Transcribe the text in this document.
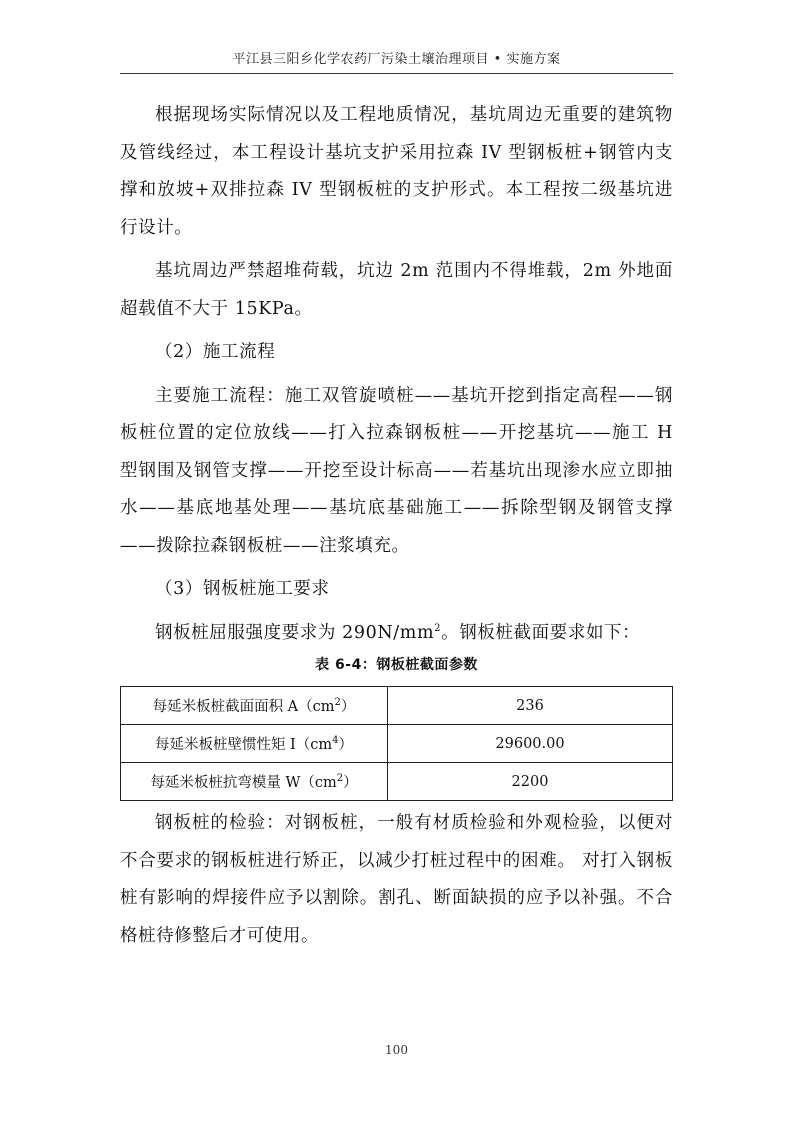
平江县三阳乡化学农药厂污染土壤治理项目 • 实施方案

根据现场实际情况以及工程地质情况，基坑周边无重要的建筑物及管线经过，本工程设计基坑支护采用拉森 IV 型钢板桩+钢管内支撑和放坡+双排拉森 IV 型钢板桩的支护形式。本工程按二级基坑进行设计。

基坑周边严禁超堆荷载，坑边 2m 范围内不得堆载，2m 外地面超载值不大于 15KPa。

（2）施工流程

主要施工流程：施工双管旋喷桩——基坑开挖到指定高程——钢板桩位置的定位放线——打入拉森钢板桩——开挖基坑——施工 H 型钢围及钢管支撑——开挖至设计标高——若基坑出现渗水应立即抽水——基底地基处理——基坑底基础施工——拆除型钢及钢管支撑——拨除拉森钢板桩——注浆填充。

（3）钢板桩施工要求

钢板桩屈服强度要求为 $290N/mm^2$。钢板桩截面要求如下：

表 6-4：钢板桩截面参数
每延米板桩截面面积 $A(cm^2)$	236
每延米板桩壁惯性矩 $I(cm^4)$	29600.00
每延米板桩抗弯模量 $W(cm^2)$	2200

钢板桩的检验：对钢板桩，一般有材质检验和外观检验，以便对不合要求的钢板桩进行矫正，以减少打桩过程中的困难。 对打入钢板桩有影响的焊接件应予以割除。割孔、断面缺损的应予以补强。不合格桩待修整后才可使用。

100
